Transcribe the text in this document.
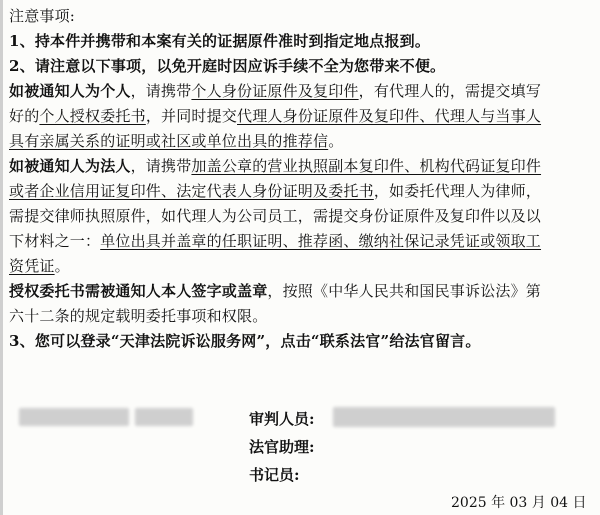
注意事项:
1、持本件并携带和本案有关的证据原件准时到指定地点报到。
2、请注意以下事项，以免开庭时因应诉手续不全为您带来不便。
如被通知人为个人，请携带个人身份证原件及复印件，有代理人的，需提交填写
好的个人授权委托书，并同时提交代理人身份证原件及复印件、代理人与当事人
具有亲属关系的证明或社区或单位出具的推荐信。
如被通知人为法人，请携带加盖公章的营业执照副本复印件、机构代码证复印件
或者企业信用证复印件、法定代表人身份证明及委托书，如委托代理人为律师，
需提交律师执照原件，如代理人为公司员工，需提交身份证原件及复印件以及以
下材料之一：单位出具并盖章的任职证明、推荐函、缴纳社保记录凭证或领取工
资凭证。
授权委托书需被通知人本人签字或盖章，按照《中华人民共和国民事诉讼法》第
六十二条的规定载明委托事项和权限。
3、您可以登录“天津法院诉讼服务网”，点击“联系法官”给法官留言。
审判人员:
法官助理:
书记员:
2025 年 03 月 04 日
